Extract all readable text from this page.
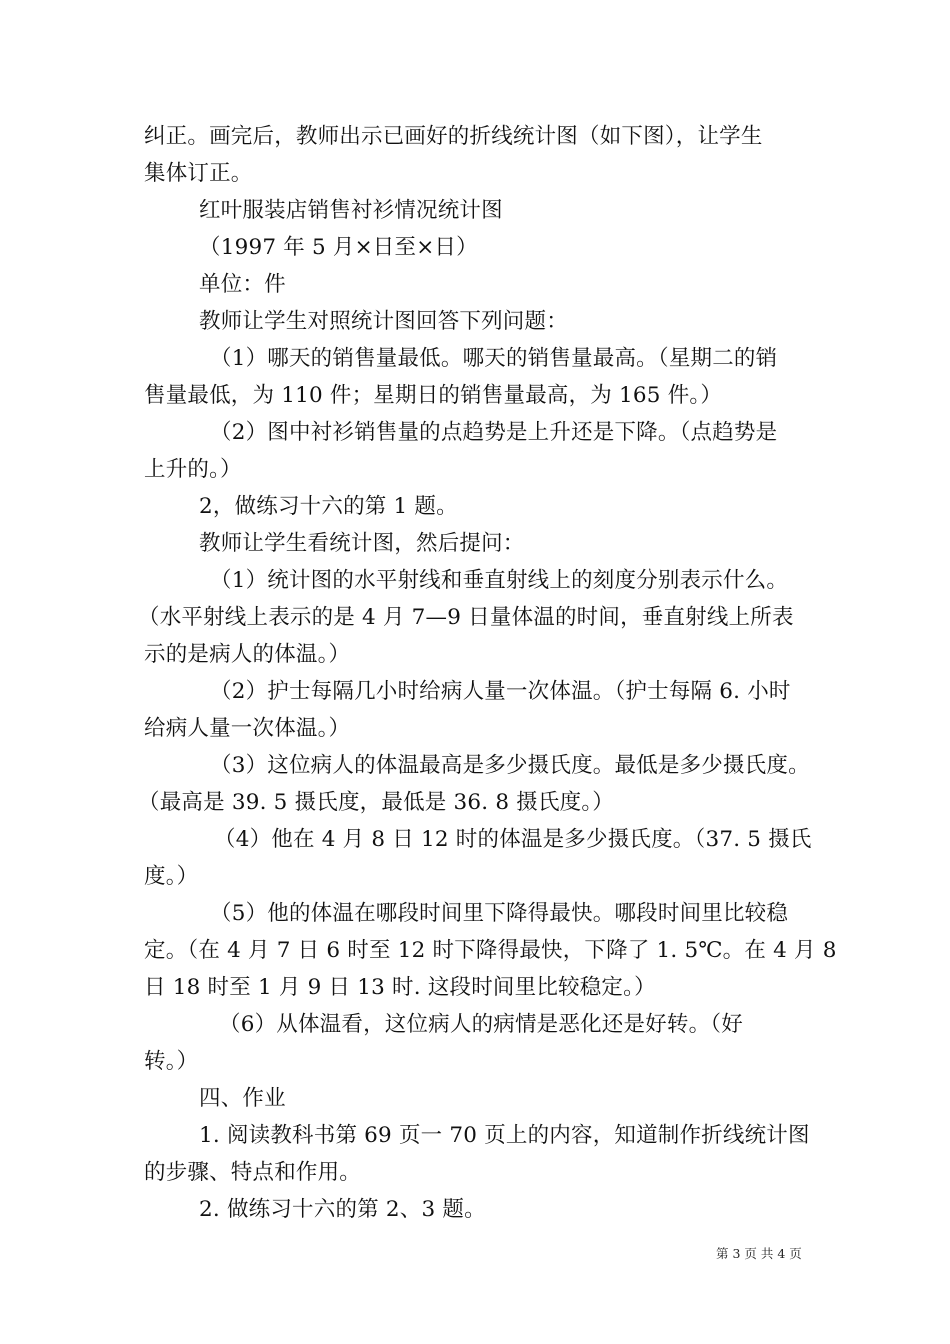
纠正。画完后，教师出示已画好的折线统计图（如下图），让学生
集体订正。
红叶服装店销售衬衫情况统计图
（1997 年 5 月×日至×日）
单位：件
教师让学生对照统计图回答下列问题：
（1）哪天的销售量最低。哪天的销售量最高。（星期二的销
售量最低，为 110 件；星期日的销售量最高，为 165 件。）
（2）图中衬衫销售量的点趋势是上升还是下降。（点趋势是
上升的。）
2，做练习十六的第 1 题。
教师让学生看统计图，然后提问：
（1）统计图的水平射线和垂直射线上的刻度分别表示什么。
（水平射线上表示的是 4 月 7—9 日量体温的时间，垂直射线上所表
示的是病人的体温。）
（2）护士每隔几小时给病人量一次体温。（护士每隔 6. 小时
给病人量一次体温。）
（3）这位病人的体温最高是多少摄氏度。最低是多少摄氏度。
（最高是 39. 5 摄氏度，最低是 36. 8 摄氏度。）
（4）他在 4 月 8 日 12 时的体温是多少摄氏度。（37. 5 摄氏
度。）
（5）他的体温在哪段时间里下降得最快。哪段时间里比较稳
定。（在 4 月 7 日 6 时至 12 时下降得最快，下降了 1. 5℃。在 4 月 8
日 18 时至 1 月 9 日 13 时. 这段时间里比较稳定。）
（6）从体温看，这位病人的病情是恶化还是好转。（好
转。）
四、作业
1. 阅读教科书第 69 页一 70 页上的内容，知道制作折线统计图
的步骤、特点和作用。
2. 做练习十六的第 2、3 题。
第 3 页 共 4 页
